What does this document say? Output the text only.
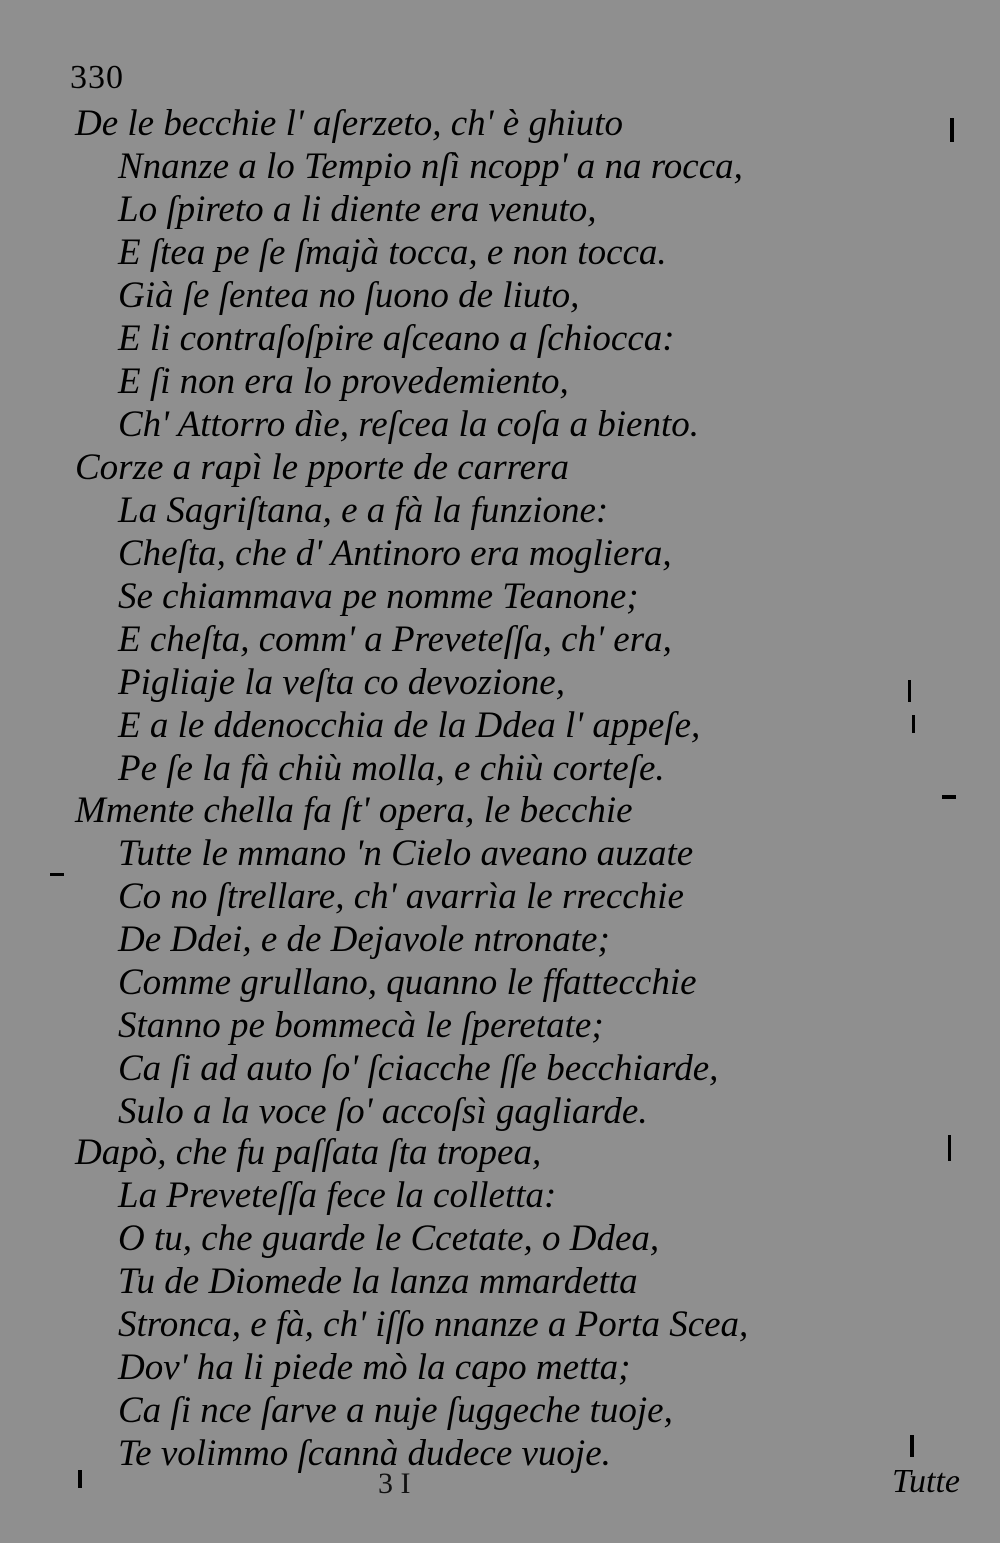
330
De le becchie l' aſerzeto, ch' è ghiuto
Nnanze a lo Tempio nſì ncopp' a na rocca,
Lo ſpireto a li diente era venuto,
E ſtea pe ſe ſmajà tocca, e non tocca.
Già ſe ſentea no ſuono de liuto,
E li contraſoſpire aſceano a ſchiocca:
E ſi non era lo provedemiento,
Ch' Attorro dìe, reſcea la coſa a biento.
Corze a rapì le pporte de carrera
La Sagriſtana, e a fà la funzione:
Cheſta, che d' Antinoro era mogliera,
Se chiammava pe nomme Teanone;
E cheſta, comm' a Preveteſſa, ch' era,
Pigliaje la veſta co devozione,
E a le ddenocchia de la Ddea l' appeſe,
Pe ſe la fà chiù molla, e chiù corteſe.
Mmente chella fa ſt' opera, le becchie
Tutte le mmano 'n Cielo aveano auzate
Co no ſtrellare, ch' avarrìa le rrecchie
De Ddei, e de Dejavole ntronate;
Comme grullano, quanno le ffattecchie
Stanno pe bommecà le ſperetate;
Ca ſi ad auto ſo' ſciacche ſſe becchiarde,
Sulo a la voce ſo' accoſsì gagliarde.
Dapò, che fu paſſata ſta tropea,
La Preveteſſa fece la colletta:
O tu, che guarde le Ccetate, o Ddea,
Tu de Diomede la lanza mmardetta
Stronca, e fà, ch' iſſo nnanze a Porta Scea,
Dov' ha li piede mò la capo metta;
Ca ſi nce ſarve a nuje ſuggeche tuoje,
Te volimmo ſcannà dudece vuoje.
3 I	Tutte
